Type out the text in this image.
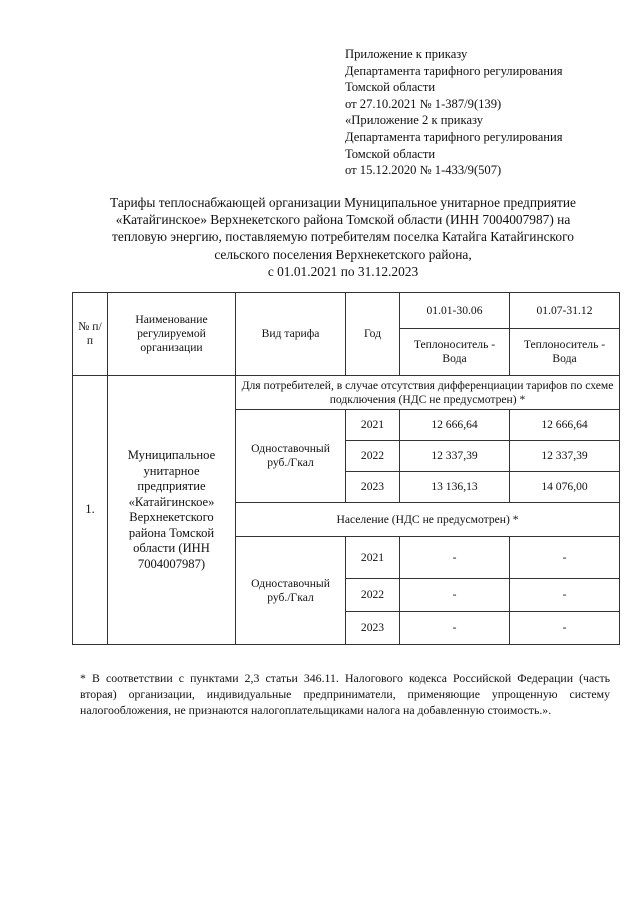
Приложение к приказу
Департамента тарифного регулирования
Томской области
от 27.10.2021 № 1-387/9(139)
«Приложение 2 к приказу
Департамента тарифного регулирования
Томской области
от 15.12.2020 № 1-433/9(507)
Тарифы теплоснабжающей организации Муниципальное унитарное предприятие
«Катайгинское» Верхнекетского района Томской области (ИНН 7004007987) на
тепловую энергию, поставляемую потребителям поселка Катайга Катайгинского
сельского поселения Верхнекетского района,
с 01.01.2021 по 31.12.2023
№ п/п	Наименование регулируемой организации	Вид тарифа	Год	01.01-30.06	01.07-31.12
				Теплоноситель - Вода	Теплоноситель - Вода
1.	Муниципальное унитарное предприятие «Катайгинское» Верхнекетского района Томской области (ИНН 7004007987)	Для потребителей, в случае отсутствия дифференциации тарифов по схеме подключения (НДС не предусмотрен) *			
		Одноставочный руб./Гкал	2021	12 666,64	12 666,64
			2022	12 337,39	12 337,39
			2023	13 136,13	14 076,00
		Население (НДС не предусмотрен) *			
		Одноставочный руб./Гкал	2021	-	-
			2022	-	-
			2023	-	-
* В соответствии с пунктами 2,3 статьи 346.11. Налогового кодекса Российской Федерации (часть вторая) организации, индивидуальные предприниматели, применяющие упрощенную систему налогообложения, не признаются налогоплательщиками налога на добавленную стоимость.».
